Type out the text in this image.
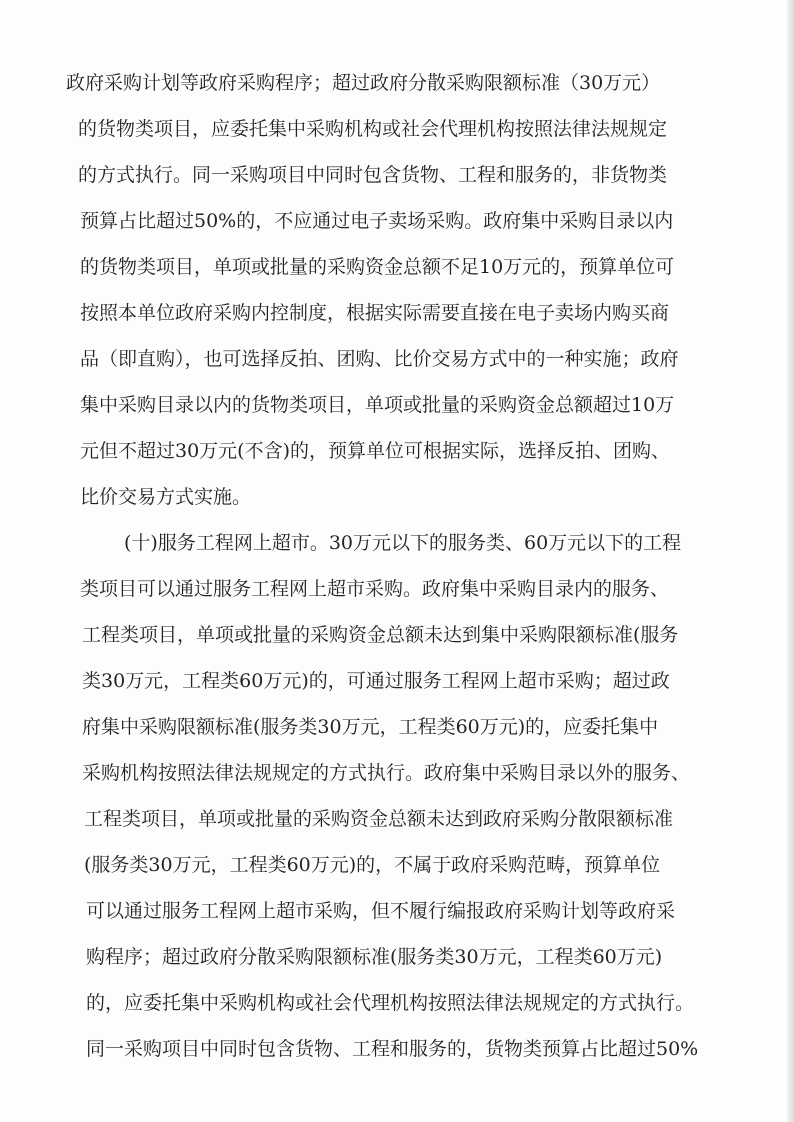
政府采购计划等政府采购程序；超过政府分散采购限额标准（30万元）
的货物类项目，应委托集中采购机构或社会代理机构按照法律法规规定
的方式执行。同一采购项目中同时包含货物、工程和服务的，非货物类
预算占比超过50%的，不应通过电子卖场采购。政府集中采购目录以内
的货物类项目，单项或批量的采购资金总额不足10万元的，预算单位可
按照本单位政府采购内控制度，根据实际需要直接在电子卖场内购买商
品（即直购），也可选择反拍、团购、比价交易方式中的一种实施；政府
集中采购目录以内的货物类项目，单项或批量的采购资金总额超过10万
元但不超过30万元(不含)的，预算单位可根据实际，选择反拍、团购、
比价交易方式实施。
(十)服务工程网上超市。30万元以下的服务类、60万元以下的工程
类项目可以通过服务工程网上超市采购。政府集中采购目录内的服务、
工程类项目，单项或批量的采购资金总额未达到集中采购限额标准(服务
类30万元，工程类60万元)的，可通过服务工程网上超市采购；超过政
府集中采购限额标准(服务类30万元，工程类60万元)的，应委托集中
采购机构按照法律法规规定的方式执行。政府集中采购目录以外的服务、
工程类项目，单项或批量的采购资金总额未达到政府采购分散限额标准
(服务类30万元，工程类60万元)的，不属于政府采购范畴，预算单位
可以通过服务工程网上超市采购，但不履行编报政府采购计划等政府采
购程序；超过政府分散采购限额标准(服务类30万元，工程类60万元)
的，应委托集中采购机构或社会代理机构按照法律法规规定的方式执行。
同一采购项目中同时包含货物、工程和服务的，货物类预算占比超过50%
